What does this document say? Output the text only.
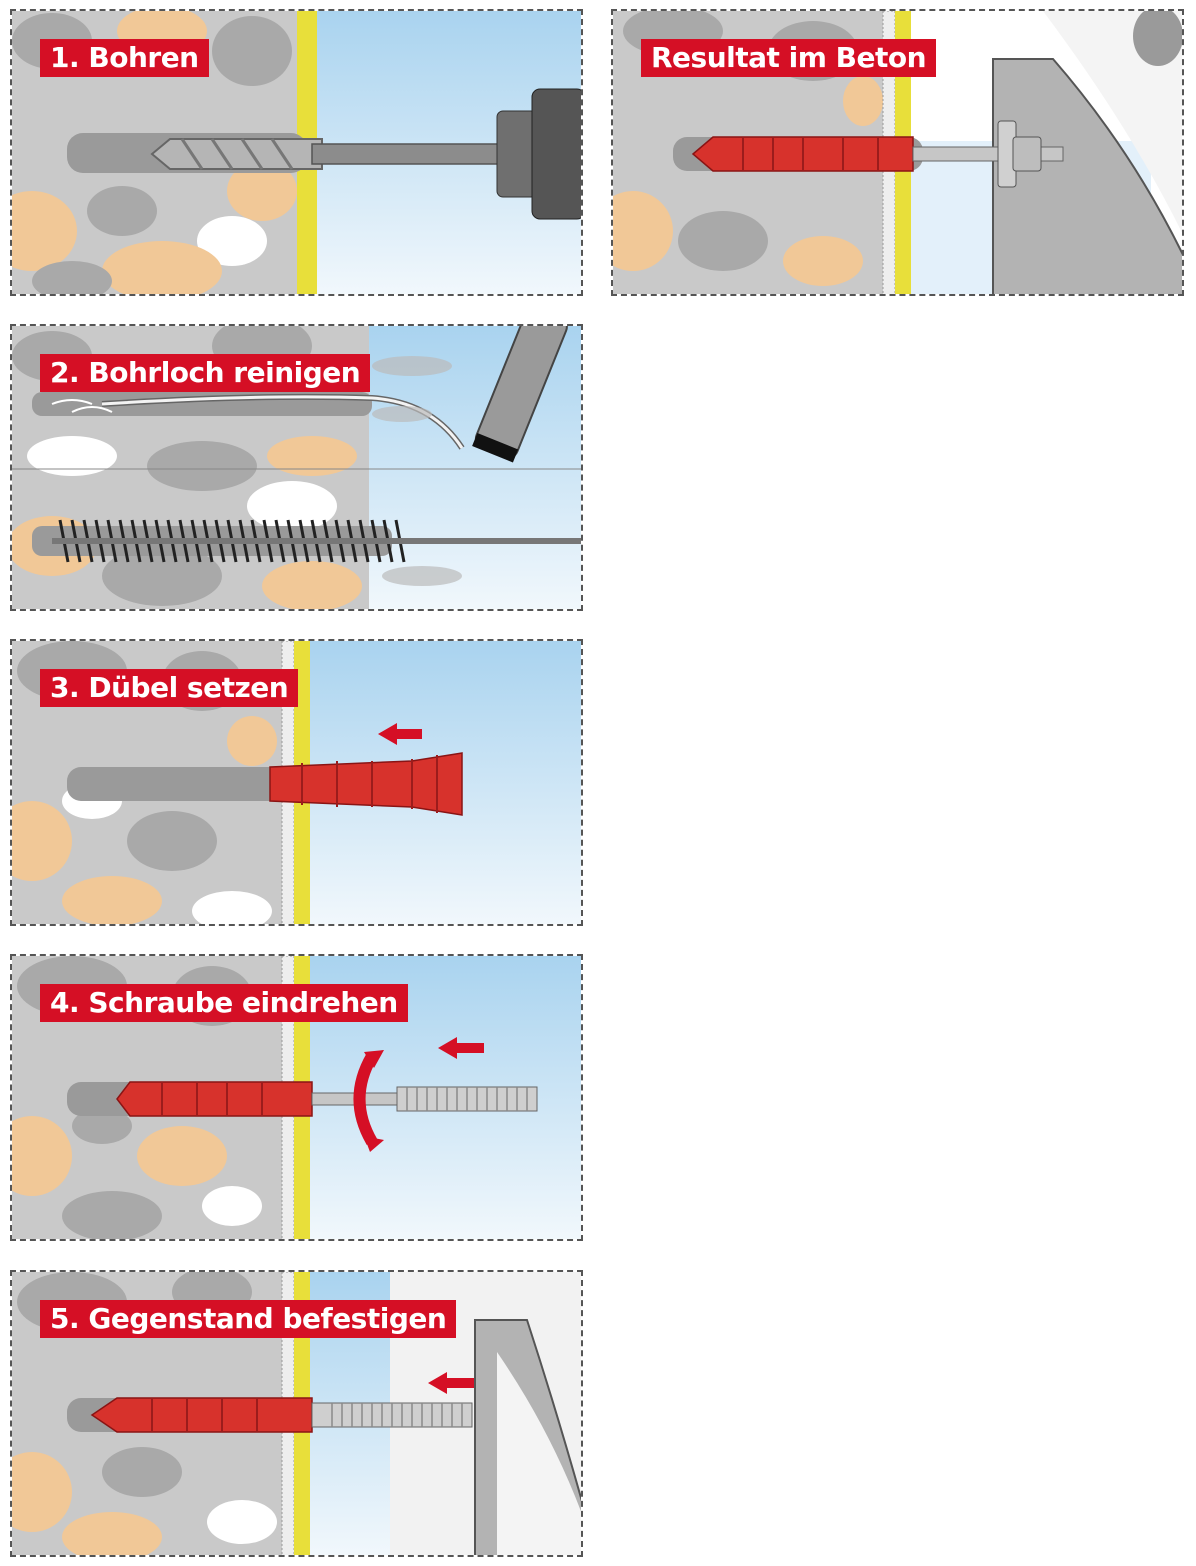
1. Bohren	Resultat im Beton
2. Bohrloch reinigen
3. Dübel setzen
4. Schraube eindrehen
5. Gegenstand befestigen
